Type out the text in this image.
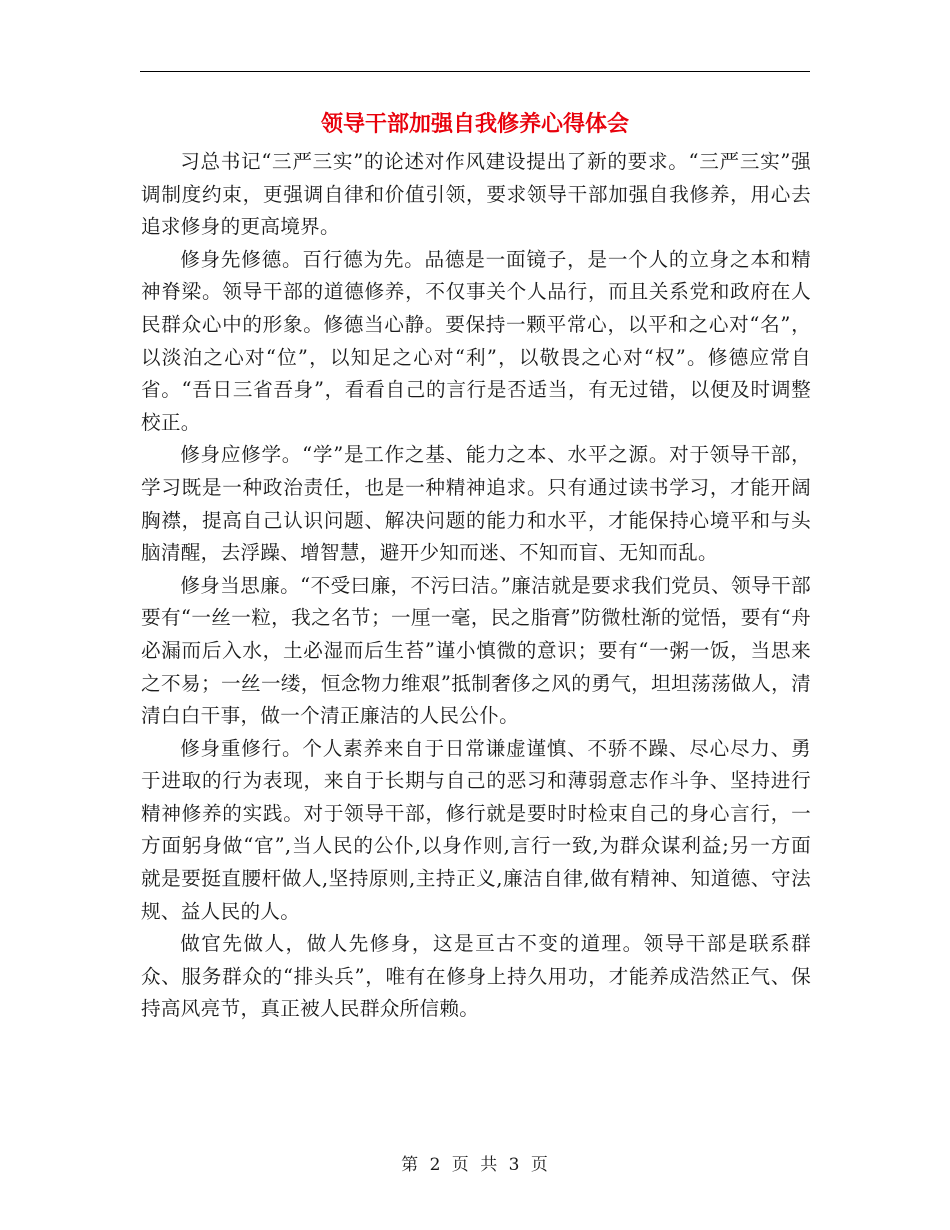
领导干部加强自我修养心得体会

习总书记“三严三实”的论述对作风建设提出了新的要求。“三严三实”强调制度约束，更强调自律和价值引领，要求领导干部加强自我修养，用心去追求修身的更高境界。

修身先修德。百行德为先。品德是一面镜子，是一个人的立身之本和精神脊梁。领导干部的道德修养，不仅事关个人品行，而且关系党和政府在人民群众心中的形象。修德当心静。要保持一颗平常心，以平和之心对“名”，以淡泊之心对“位”，以知足之心对“利”，以敬畏之心对“权”。修德应常自省。“吾日三省吾身”，看看自己的言行是否适当，有无过错，以便及时调整校正。

修身应修学。“学”是工作之基、能力之本、水平之源。对于领导干部，学习既是一种政治责任，也是一种精神追求。只有通过读书学习，才能开阔胸襟，提高自己认识问题、解决问题的能力和水平，才能保持心境平和与头脑清醒，去浮躁、增智慧，避开少知而迷、不知而盲、无知而乱。

修身当思廉。“不受曰廉，不污曰洁。”廉洁就是要求我们党员、领导干部要有“一丝一粒，我之名节；一厘一毫，民之脂膏”防微杜渐的觉悟，要有“舟必漏而后入水，土必湿而后生苔”谨小慎微的意识；要有“一粥一饭，当思来之不易；一丝一缕，恒念物力维艰”抵制奢侈之风的勇气，坦坦荡荡做人，清清白白干事，做一个清正廉洁的人民公仆。

修身重修行。个人素养来自于日常谦虚谨慎、不骄不躁、尽心尽力、勇于进取的行为表现，来自于长期与自己的恶习和薄弱意志作斗争、坚持进行精神修养的实践。对于领导干部，修行就是要时时检束自己的身心言行，一方面躬身做“官”,当人民的公仆,以身作则,言行一致,为群众谋利益;另一方面就是要挺直腰杆做人,坚持原则,主持正义,廉洁自律,做有精神、知道德、守法规、益人民的人。

做官先做人，做人先修身，这是亘古不变的道理。领导干部是联系群众、服务群众的“排头兵”，唯有在修身上持久用功，才能养成浩然正气、保持高风亮节，真正被人民群众所信赖。

第 2 页 共 3 页
